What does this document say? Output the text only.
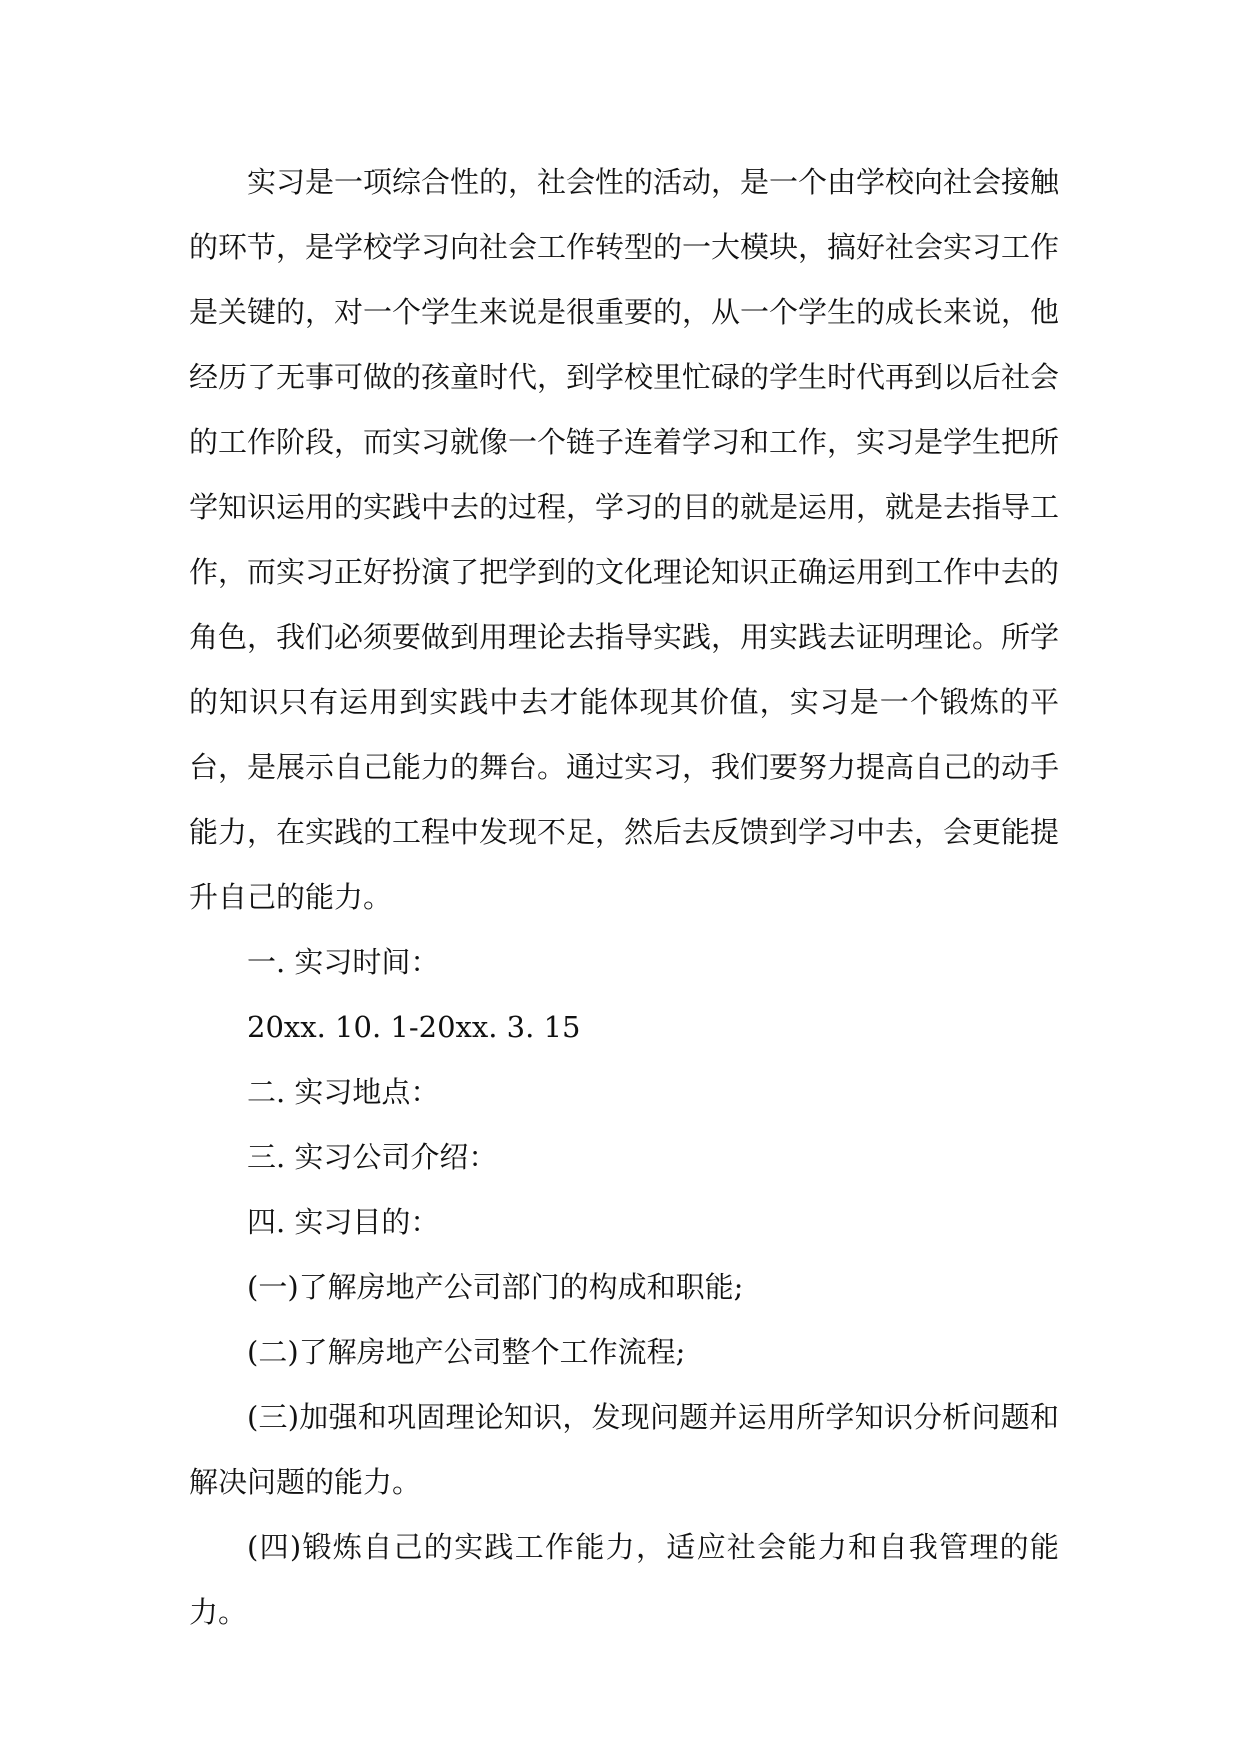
实习是一项综合性的，社会性的活动，是一个由学校向社会接触的环节，是学校学习向社会工作转型的一大模块，搞好社会实习工作是关键的，对一个学生来说是很重要的，从一个学生的成长来说，他经历了无事可做的孩童时代，到学校里忙碌的学生时代再到以后社会的工作阶段，而实习就像一个链子连着学习和工作，实习是学生把所学知识运用的实践中去的过程，学习的目的就是运用，就是去指导工作，而实习正好扮演了把学到的文化理论知识正确运用到工作中去的角色，我们必须要做到用理论去指导实践，用实践去证明理论。所学的知识只有运用到实践中去才能体现其价值，实习是一个锻炼的平台，是展示自己能力的舞台。通过实习，我们要努力提高自己的动手能力，在实践的工程中发现不足，然后去反馈到学习中去，会更能提升自己的能力。

一. 实习时间：

20xx. 10. 1-20xx. 3. 15

二. 实习地点：

三. 实习公司介绍：

四. 实习目的：

(一)了解房地产公司部门的构成和职能;

(二)了解房地产公司整个工作流程;

(三)加强和巩固理论知识，发现问题并运用所学知识分析问题和解决问题的能力。

(四)锻炼自己的实践工作能力，适应社会能力和自我管理的能力。
